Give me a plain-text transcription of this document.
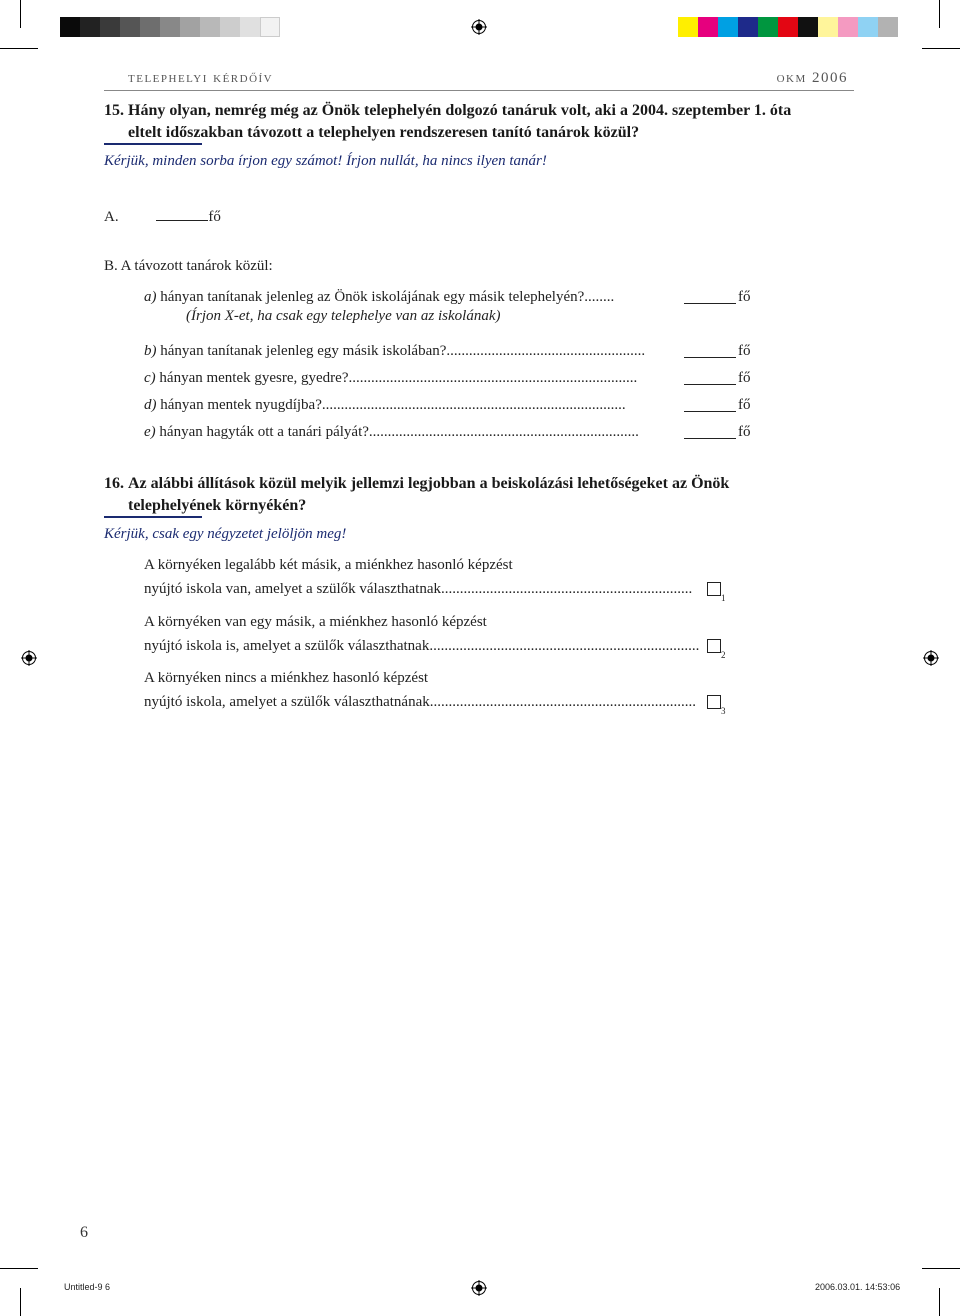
telephelyi kérdőív	okm 2006
15. Hány olyan, nemrég még az Önök telephelyén dolgozó tanáruk volt, aki a 2004. szeptember 1. óta
eltelt időszakban távozott a telephelyen rendszeresen tanító tanárok közül?
Kérjük, minden sorba írjon egy számot! Írjon nullát, ha nincs ilyen tanár!
A.	fő
B. A távozott tanárok közül:
a) hányan tanítanak jelenleg az Önök iskolájának egy másik telephelyén?........	fő
(Írjon X-et, ha csak egy telephelye van az iskolának)
b) hányan tanítanak jelenleg egy másik iskolában?.....................................................	fő
c) hányan mentek gyesre, gyedre?.............................................................................	fő
d) hányan mentek nyugdíjba?.................................................................................	fő
e) hányan hagyták ott a tanári pályát?........................................................................	fő
16. Az alábbi állítások közül melyik jellemzi legjobban a beiskolázási lehetőségeket az Önök
telephelyének környékén?
Kérjük, csak egy négyzetet jelöljön meg!
A környéken legalább két másik, a miénkhez hasonló képzést
nyújtó iskola van, amelyet a szülők választhatnak...................................................................
1
A környéken van egy másik, a miénkhez hasonló képzést
nyújtó iskola is, amelyet a szülők választhatnak........................................................................
2
A környéken nincs a miénkhez hasonló képzést
nyújtó iskola, amelyet a szülők választhatnának.......................................................................
3
6
Untitled-9 6	2006.03.01. 14:53:06
